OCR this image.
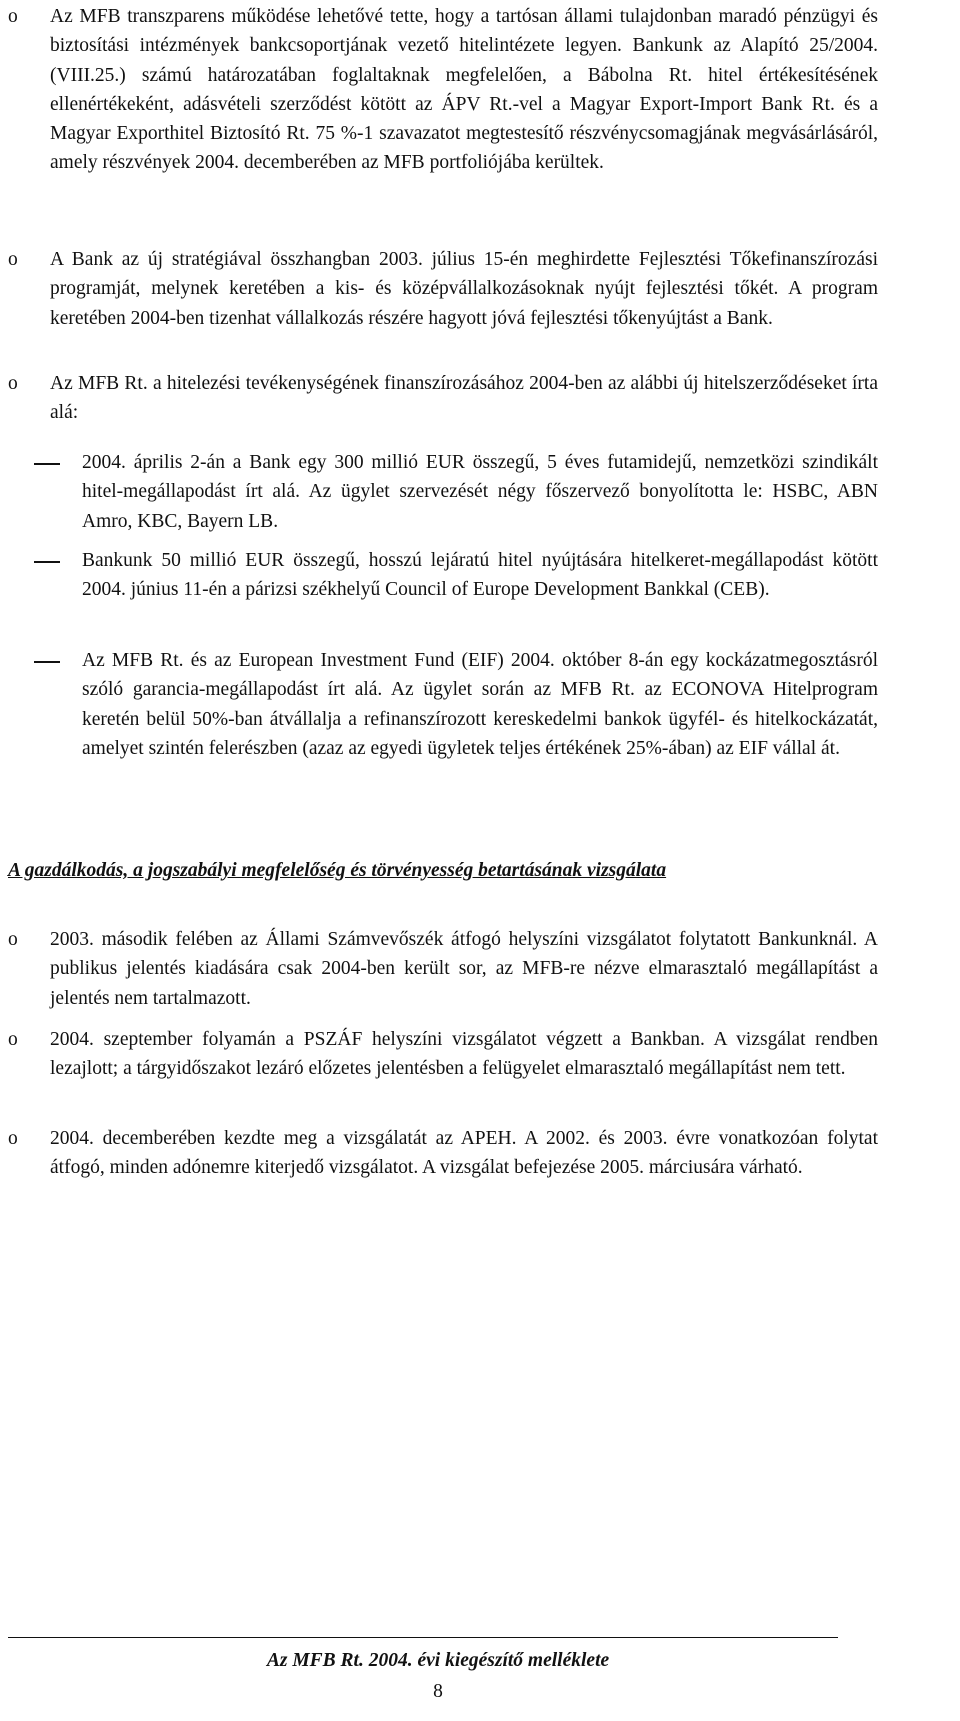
o Az MFB transzparens működése lehetővé tette, hogy a tartósan állami tulajdonban maradó pénzügyi és biztosítási intézmények bankcsoportjának vezető hitelintézete legyen. Bankunk az Alapító 25/2004. (VIII.25.) számú határozatában foglaltaknak megfelelően, a Bábolna Rt. hitel értékesítésének ellenértékeként, adásvételi szerződést kötött az ÁPV Rt.-vel a Magyar Export-Import Bank Rt. és a Magyar Exporthitel Biztosító Rt. 75 %-1 szavazatot megtestesítő részvénycsomagjának megvásárlásáról, amely részvények 2004. decemberében az MFB portfoliójába kerültek.
o A Bank az új stratégiával összhangban 2003. július 15-én meghirdette Fejlesztési Tőkefinanszírozási programját, melynek keretében a kis- és középvállalkozásoknak nyújt fejlesztési tőkét. A program keretében 2004-ben tizenhat vállalkozás részére hagyott jóvá fejlesztési tőkenyújtást a Bank.
o Az MFB Rt. a hitelezési tevékenységének finanszírozásához 2004-ben az alábbi új hitelszerződéseket írta alá:
2004. április 2-án a Bank egy 300 millió EUR összegű, 5 éves futamidejű, nemzetközi szindikált hitel-megállapodást írt alá. Az ügylet szervezését négy főszervező bonyolította le: HSBC, ABN Amro, KBC, Bayern LB.
Bankunk 50 millió EUR összegű, hosszú lejáratú hitel nyújtására hitelkeret-megállapodást kötött 2004. június 11-én a párizsi székhelyű Council of Europe Development Bankkal (CEB).
Az MFB Rt. és az European Investment Fund (EIF) 2004. október 8-án egy kockázatmegosztásról szóló garancia-megállapodást írt alá. Az ügylet során az MFB Rt. az ECONOVA Hitelprogram keretén belül 50%-ban átvállalja a refinanszírozott kereskedelmi bankok ügyfél- és hitelkockázatát, amelyet szintén felerészben (azaz az egyedi ügyletek teljes értékének 25%-ában) az EIF vállal át.
A gazdálkodás, a jogszabályi megfelelőség és törvényesség betartásának vizsgálata
o 2003. második felében az Állami Számvevőszék átfogó helyszíni vizsgálatot folytatott Bankunknál. A publikus jelentés kiadására csak 2004-ben került sor, az MFB-re nézve elmarasztaló megállapítást a jelentés nem tartalmazott.
o 2004. szeptember folyamán a PSZÁF helyszíni vizsgálatot végzett a Bankban. A vizsgálat rendben lezajlott; a tárgyidőszakot lezáró előzetes jelentésben a felügyelet elmarasztaló megállapítást nem tett.
o 2004. decemberében kezdte meg a vizsgálatát az APEH. A 2002. és 2003. évre vonatkozóan folytat átfogó, minden adónemre kiterjedő vizsgálatot. A vizsgálat befejezése 2005. márciusára várható.
Az MFB Rt. 2004. évi kiegészítő melléklete
8
